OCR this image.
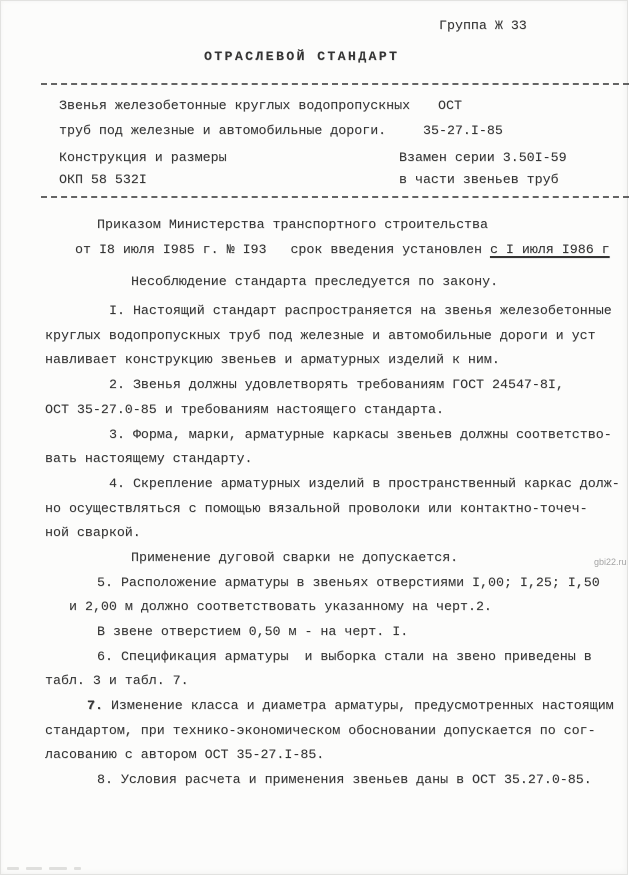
Группа Ж 33
ОТРАСЛЕВОЙ СТАНДАРТ
Звенья железобетонные круглых водопропускных ОСТ
труб под железные и автомобильные дороги.	35-27.I-85
Конструкция и размеры	Взамен серии 3.50I-59
ОКП 58 532I	в части звеньев труб
Приказом Министерства транспортного строительства
от I8 июля I985 г. № I93   срок введения установлен с I июля I986 г
Несоблюдение стандарта преследуется по закону.
I. Настоящий стандарт распространяется на звенья железобетонные
круглых водопропускных труб под железные и автомобильные дороги и уст
навливает конструкцию звеньев и арматурных изделий к ним.
2. Звенья должны удовлетворять требованиям ГОСТ 24547-8I,
ОСТ 35-27.0-85 и требованиям настоящего стандарта.
3. Форма, марки, арматурные каркасы звеньев должны соответство-
вать настоящему стандарту.
4. Скрепление арматурных изделий в пространственный каркас долж-
но осуществляться с помощью вязальной проволоки или контактно-точеч-
ной сваркой.
Применение дуговой сварки не допускается.
5. Расположение арматуры в звеньях отверстиями I,00; I,25; I,50
и 2,00 м должно соответствовать указанному на черт.2.
В звене отверстием 0,50 м - на черт. I.
6. Спецификация арматуры  и выборка стали на звено приведены в
табл. 3 и табл. 7.
7. Изменение класса и диаметра арматуры, предусмотренных настоящим
стандартом, при технико-экономическом обосновании допускается по сог-
ласованию с автором ОСТ 35-27.I-85.
8. Условия расчета и применения звеньев даны в ОСТ 35.27.0-85.
gbi22.ru
